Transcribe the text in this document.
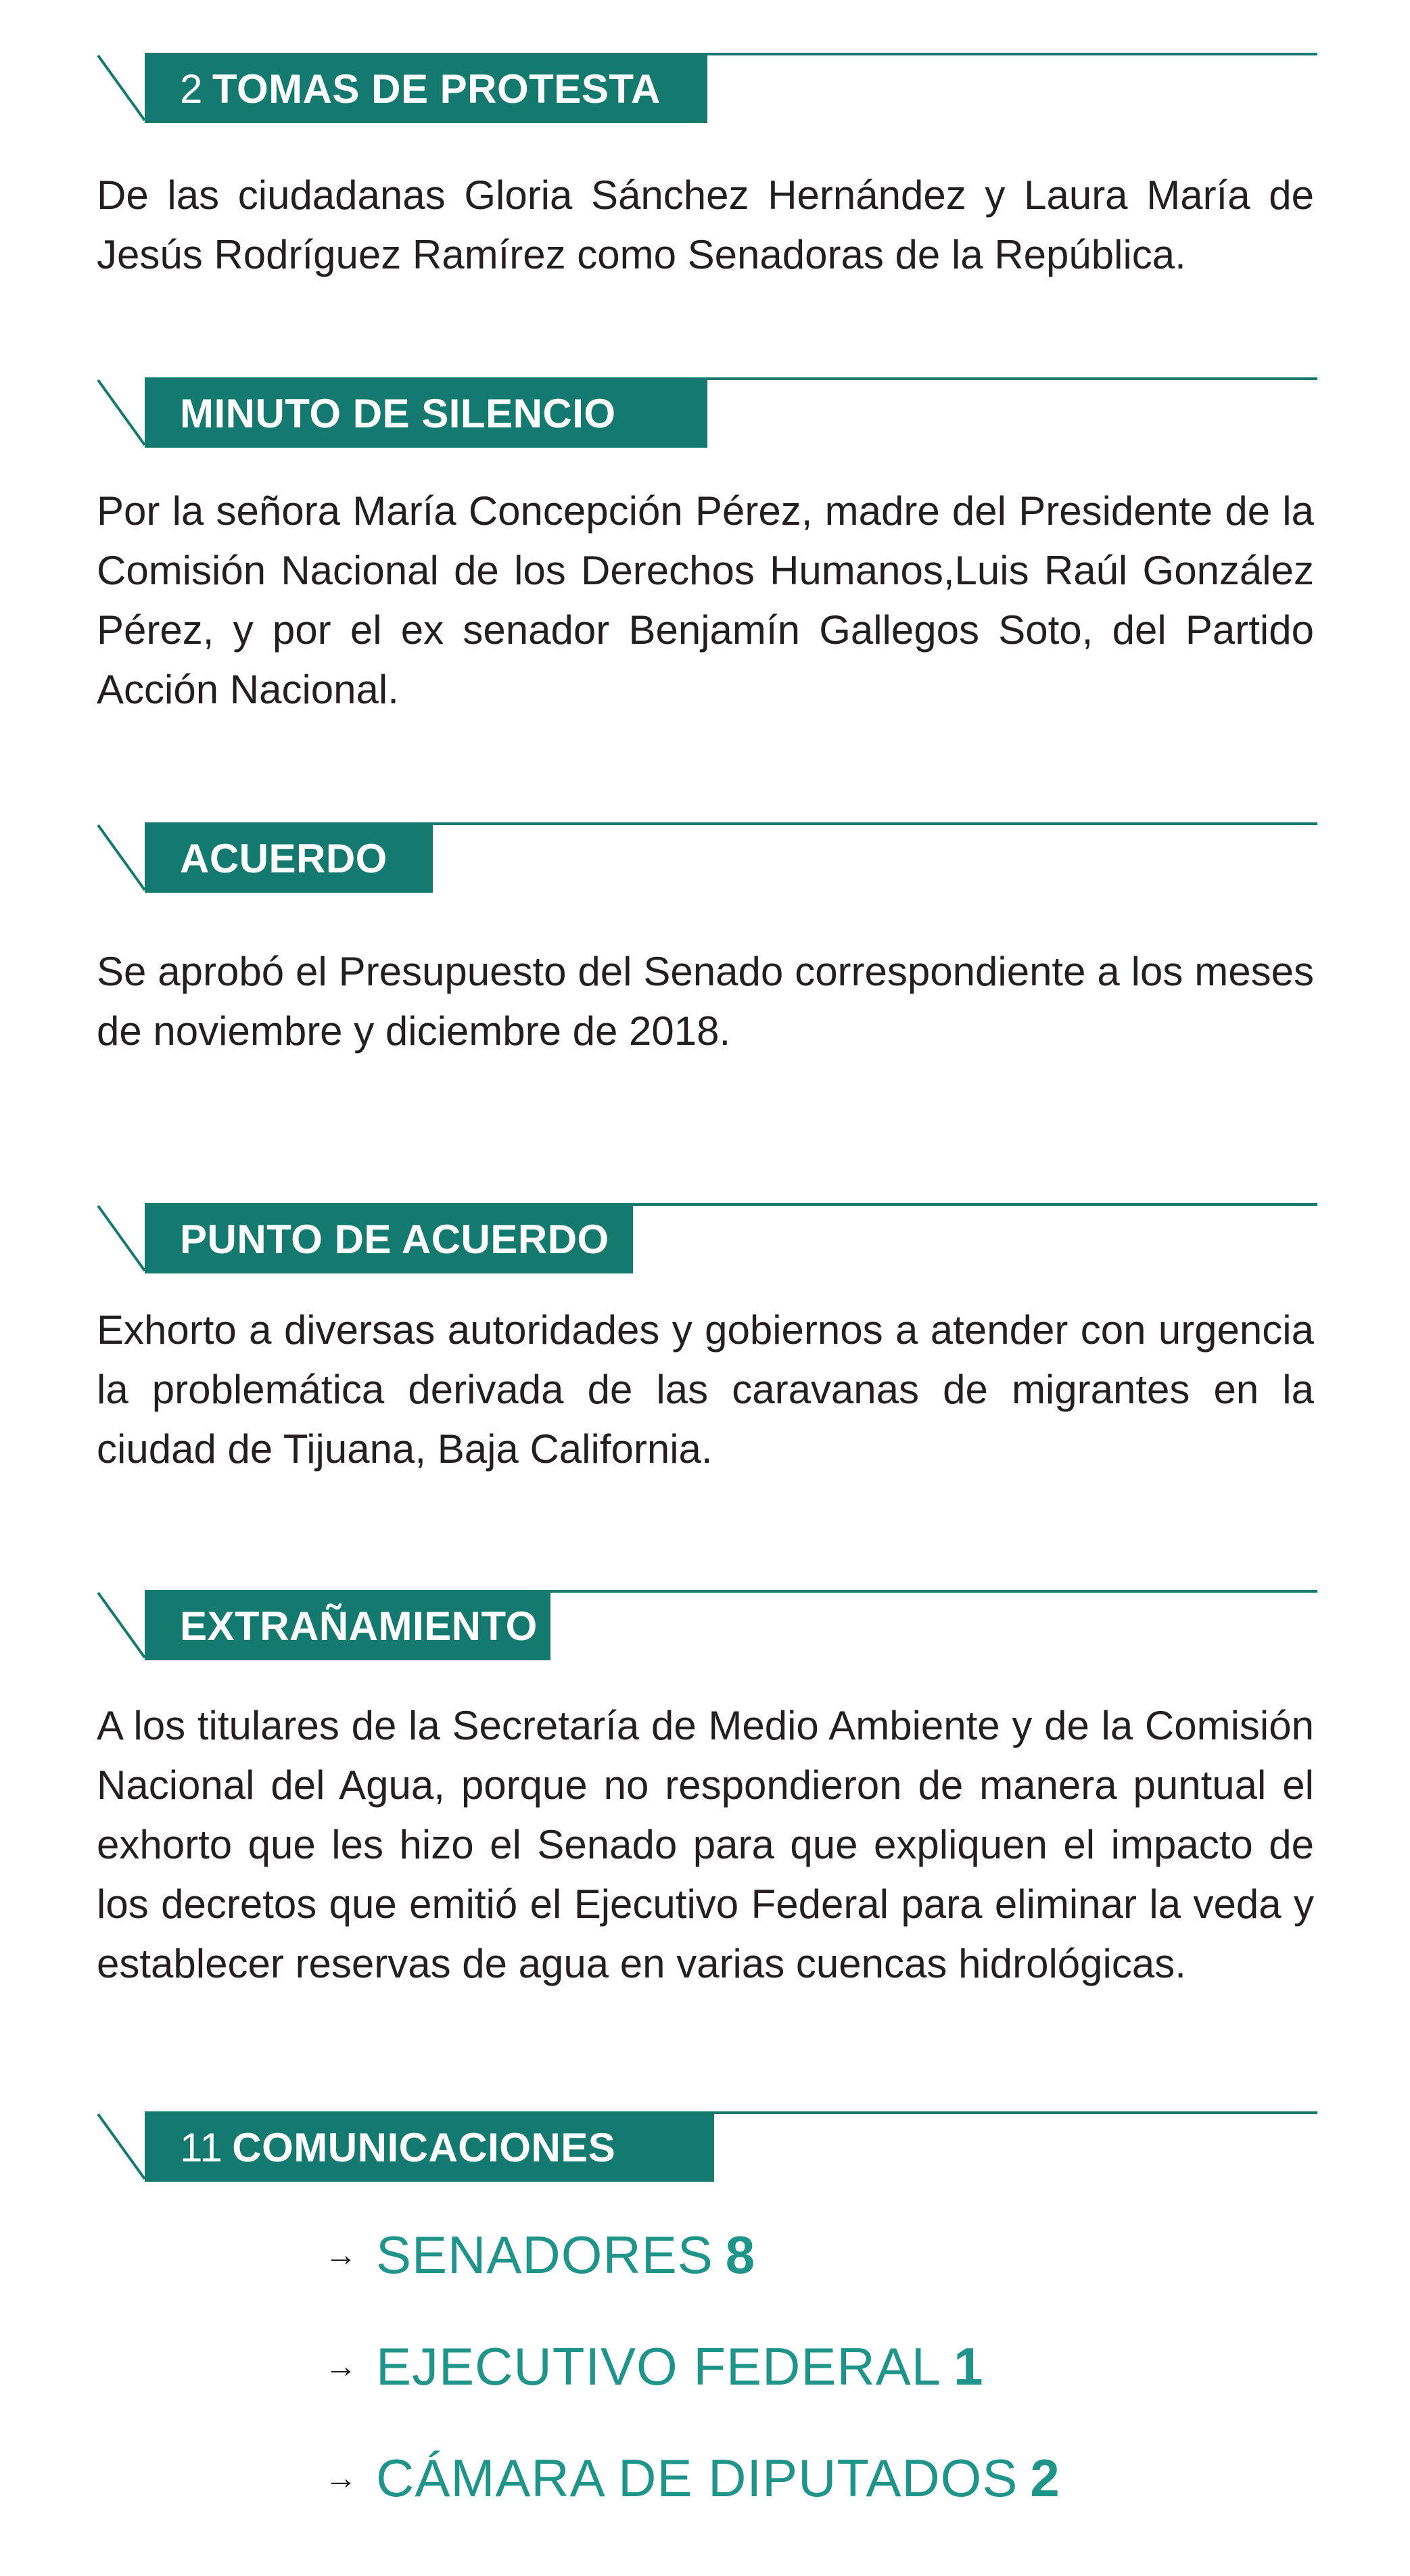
2 TOMAS DE PROTESTA

De las ciudadanas Gloria Sánchez Hernández y Laura María de Jesús Rodríguez Ramírez como Senadoras de la República.

MINUTO DE SILENCIO

Por la señora María Concepción Pérez, madre del Presidente de la Comisión Nacional de los Derechos Humanos,Luis Raúl González Pérez, y por el ex senador Benjamín Gallegos Soto, del Partido Acción Nacional.

ACUERDO

Se aprobó el Presupuesto del Senado correspondiente a los meses de noviembre y diciembre de 2018.

PUNTO DE ACUERDO

Exhorto a diversas autoridades y gobiernos a atender con urgencia la problemática derivada de las caravanas de migrantes en la ciudad de Tijuana, Baja California.

EXTRAÑAMIENTO

A los titulares de la Secretaría de Medio Ambiente y de la Comisión Nacional del Agua, porque no respondieron de manera puntual el exhorto que les hizo el Senado para que expliquen el impacto de los decretos que emitió el Ejecutivo Federal para eliminar la veda y establecer reservas de agua en varias cuencas hidrológicas.

11 COMUNICACIONES
→ SENADORES 8
→ EJECUTIVO FEDERAL 1
→ CÁMARA DE DIPUTADOS 2
